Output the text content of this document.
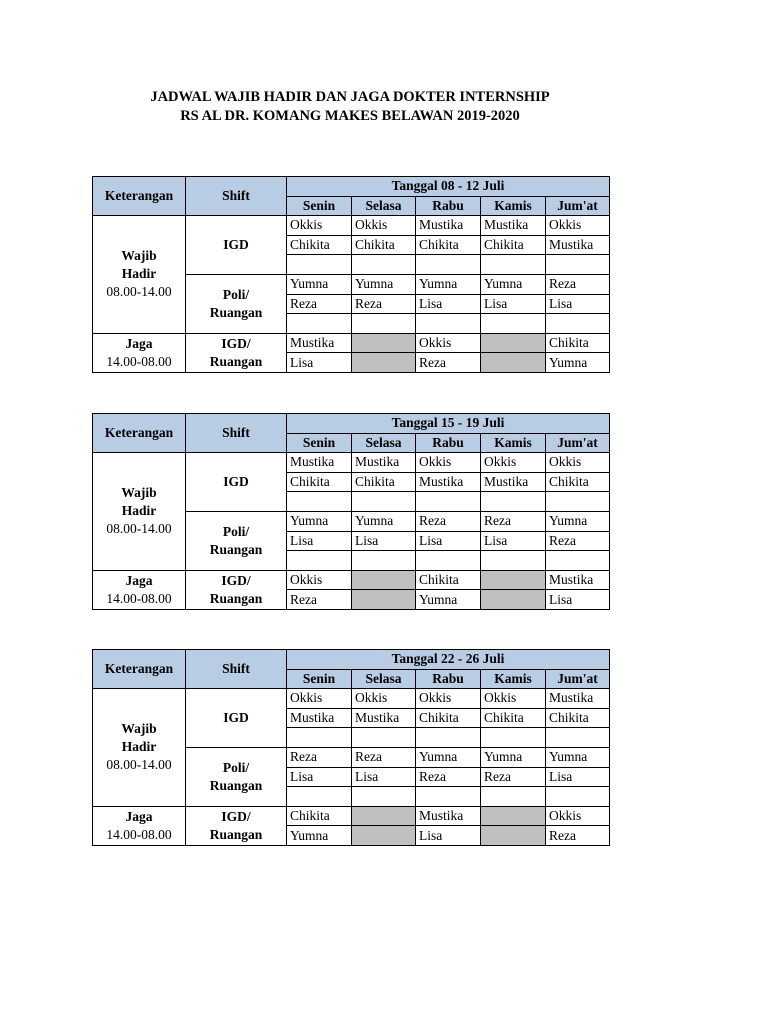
JADWAL WAJIB HADIR DAN JAGA DOKTER INTERNSHIP
RS AL DR. KOMANG MAKES BELAWAN 2019-2020
Keterangan	Shift	Tanggal 08 - 12 Juli				
		Senin	Selasa	Rabu	Kamis	Jum'at

Wajib
Hadir
08.00-14.00	IGD	Okkis	Okkis	Mustika	Mustika	Okkis
		Chikita	Chikita	Chikita	Chikita	Mustika

	Poli/
Ruangan	Yumna	Yumna	Yumna	Yumna	Reza
		Reza	Reza	Lisa	Lisa	Lisa

Jaga
14.00-08.00	IGD/
Ruangan	Mustika		Okkis		Chikita
		Lisa		Reza		Yumna
Keterangan	Shift	Tanggal 15 - 19 Juli				
		Senin	Selasa	Rabu	Kamis	Jum'at

Wajib
Hadir
08.00-14.00	IGD	Mustika	Mustika	Okkis	Okkis	Okkis
		Chikita	Chikita	Mustika	Mustika	Chikita

	Poli/
Ruangan	Yumna	Yumna	Reza	Reza	Yumna
		Lisa	Lisa	Lisa	Lisa	Reza

Jaga
14.00-08.00	IGD/
Ruangan	Okkis		Chikita		Mustika
		Reza		Yumna		Lisa
Keterangan	Shift	Tanggal 22 - 26 Juli				
		Senin	Selasa	Rabu	Kamis	Jum'at

Wajib
Hadir
08.00-14.00	IGD	Okkis	Okkis	Okkis	Okkis	Mustika
		Mustika	Mustika	Chikita	Chikita	Chikita

	Poli/
Ruangan	Reza	Reza	Yumna	Yumna	Yumna
		Lisa	Lisa	Reza	Reza	Lisa

Jaga
14.00-08.00	IGD/
Ruangan	Chikita		Mustika		Okkis
		Yumna		Lisa		Reza
